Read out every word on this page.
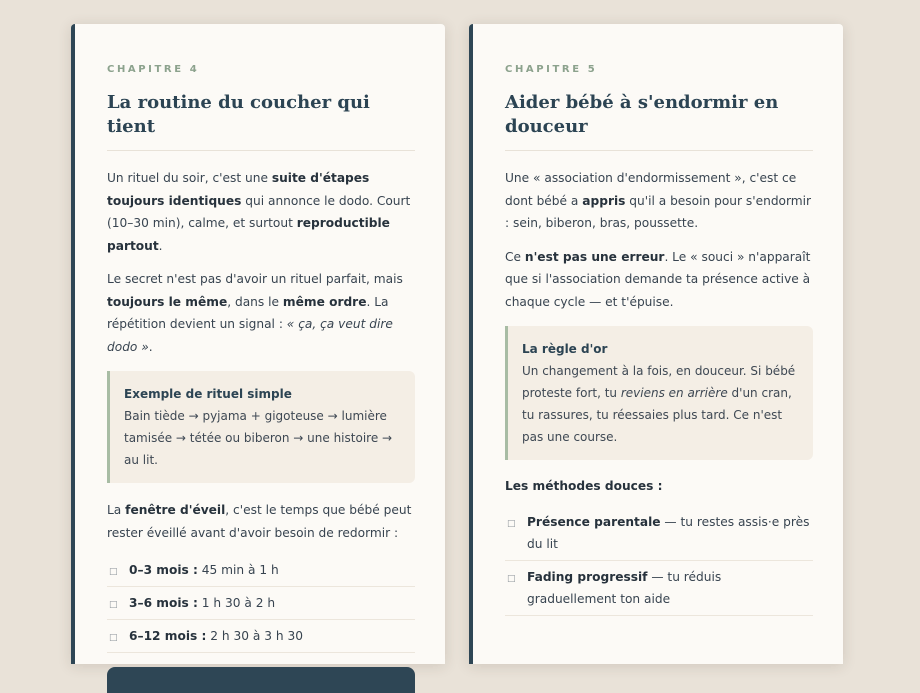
CHAPITRE 4
La routine du coucher qui tient

Un rituel du soir, c'est une suite d'étapes toujours identiques qui annonce le dodo. Court (10–30 min), calme, et surtout reproductible partout.

Le secret n'est pas d'avoir un rituel parfait, mais toujours le même, dans le même ordre. La répétition devient un signal : « ça, ça veut dire dodo ».

Exemple de rituel simple
Bain tiède → pyjama + gigoteuse → lumière tamisée → tétée ou biberon → une histoire → au lit.

La fenêtre d'éveil, c'est le temps que bébé peut rester éveillé avant d'avoir besoin de redormir :

□ 0–3 mois : 45 min à 1 h
□ 3–6 mois : 1 h 30 à 2 h
□ 6–12 mois : 2 h 30 à 3 h 30
CHAPITRE 5
Aider bébé à s'endormir en douceur

Une « association d'endormissement », c'est ce dont bébé a appris qu'il a besoin pour s'endormir : sein, biberon, bras, poussette.

Ce n'est pas une erreur. Le « souci » n'apparaît que si l'association demande ta présence active à chaque cycle — et t'épuise.

La règle d'or
Un changement à la fois, en douceur. Si bébé proteste fort, tu reviens en arrière d'un cran, tu rassures, tu réessaies plus tard. Ce n'est pas une course.
Les méthodes douces :
□ Présence parentale — tu restes assis·e près du lit
□ Fading progressif — tu réduis graduellement ton aide
